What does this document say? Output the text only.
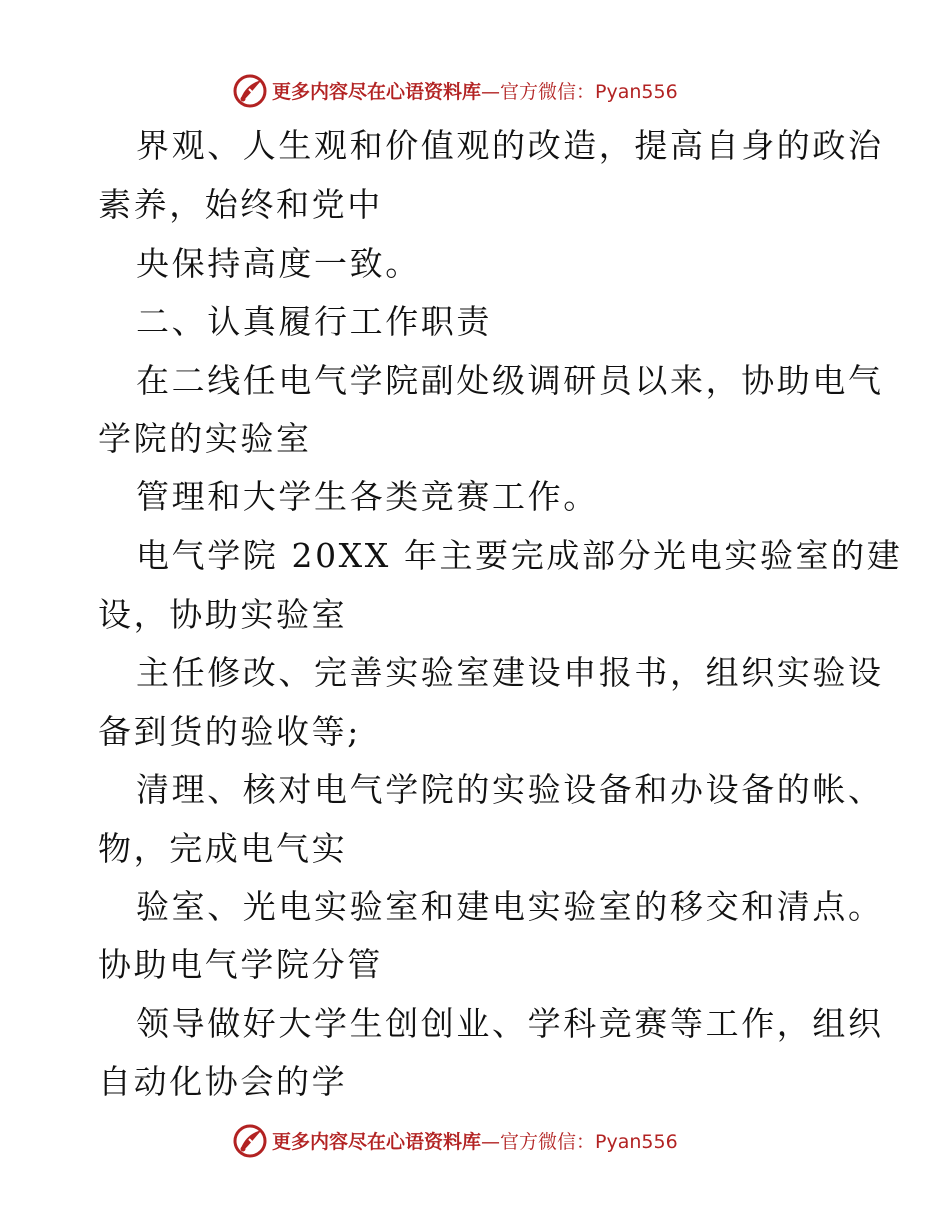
更多内容尽在心语资料库—官方微信：Pyan556
界观、人生观和价值观的改造，提高自身的政治
素养，始终和党中
央保持高度一致。
二、认真履行工作职责
在二线任电气学院副处级调研员以来，协助电气
学院的实验室
管理和大学生各类竞赛工作。
电气学院 20XX 年主要完成部分光电实验室的建
设，协助实验室
主任修改、完善实验室建设申报书，组织实验设
备到货的验收等;
清理、核对电气学院的实验设备和办设备的帐、
物，完成电气实
验室、光电实验室和建电实验室的移交和清点。
协助电气学院分管
领导做好大学生创创业、学科竞赛等工作，组织
自动化协会的学
更多内容尽在心语资料库—官方微信：Pyan556
